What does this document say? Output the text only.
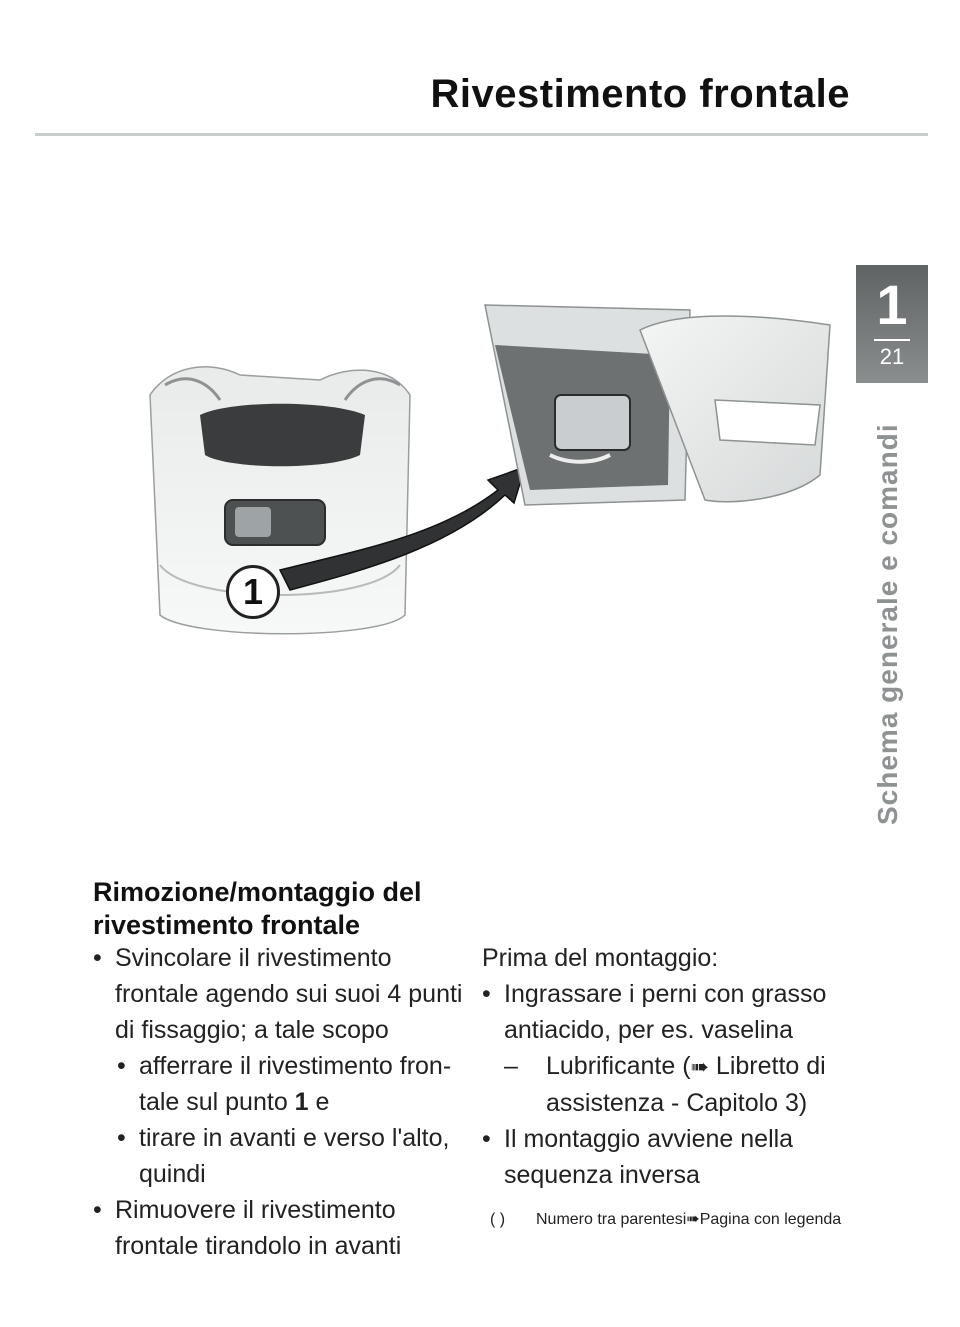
Rivestimento frontale
1
21
Schema generale e comandi
1
Rimozione/montaggio del rivestimento frontale
• Svincolare il rivestimento frontale agendo sui suoi 4 punti di fissaggio; a tale scopo
• afferrare il rivestimento fron-tale sul punto 1 e
• tirare in avanti e verso l'alto, quindi
• Rimuovere il rivestimento frontale tirandolo in avanti
Prima del montaggio:
• Ingrassare i perni con grasso antiacido, per es. vaselina
– Lubrificante (➠ Libretto di assistenza - Capitolo 3)
• Il montaggio avviene nella sequenza inversa
( )	Numero tra parentesi➠Pagina con legenda
